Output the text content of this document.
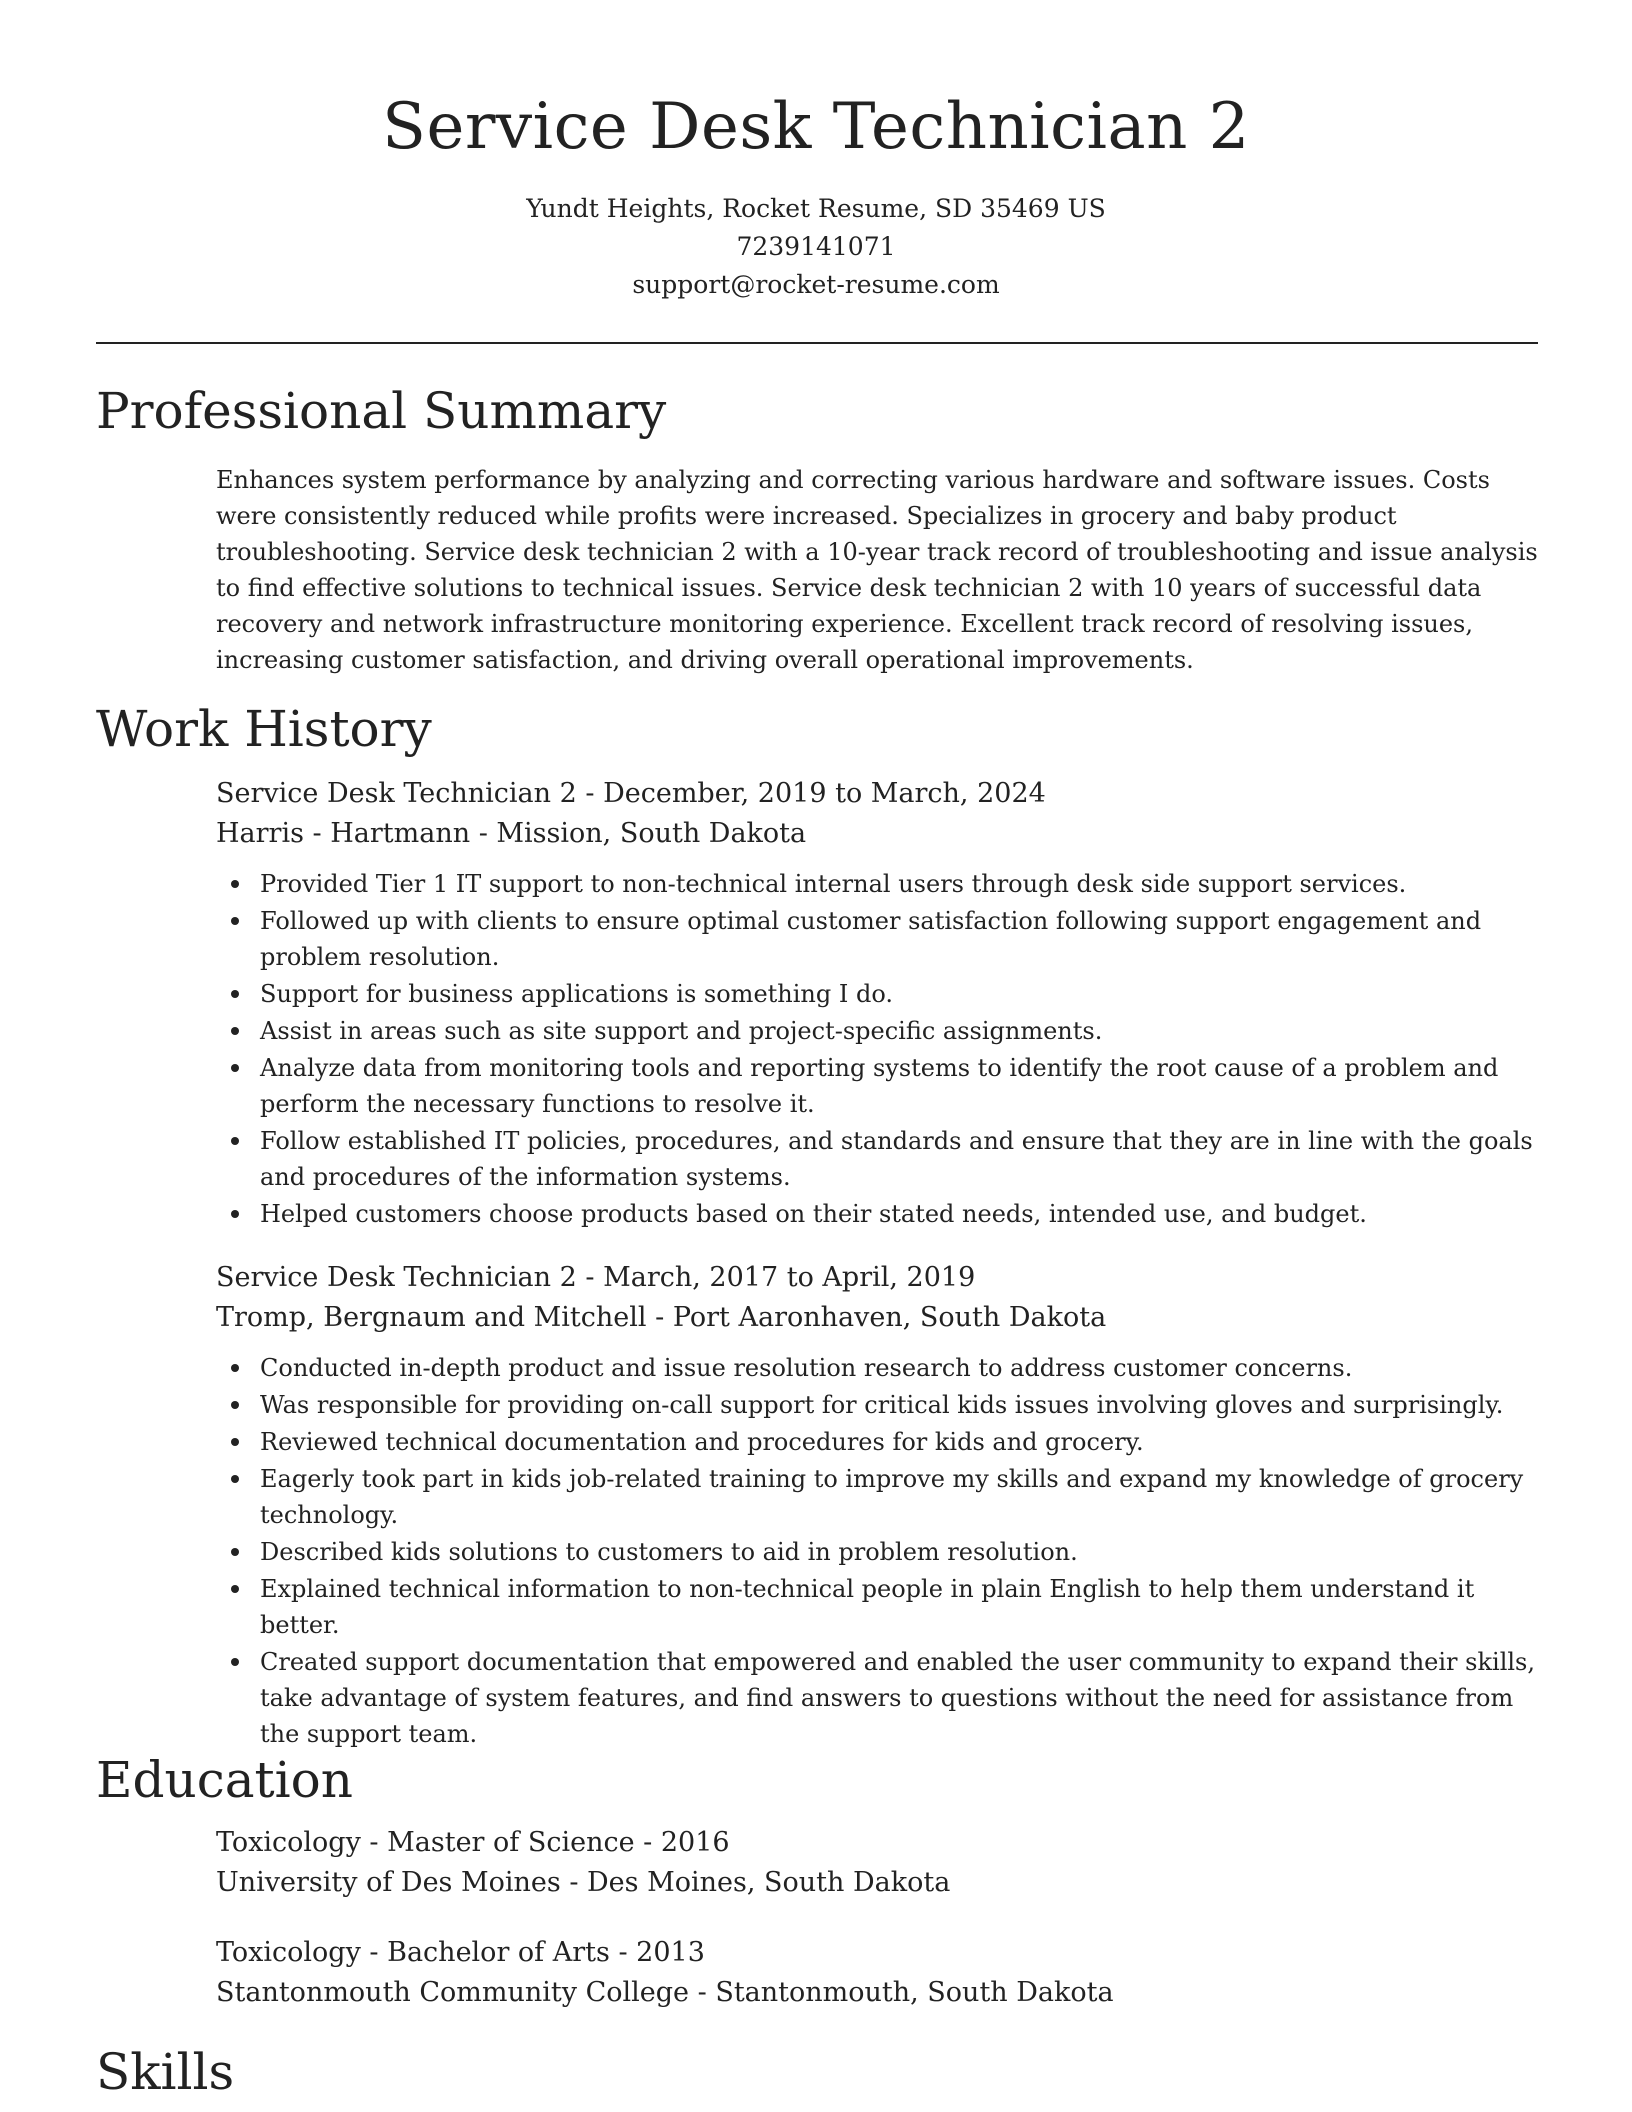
Service Desk Technician 2
Yundt Heights, Rocket Resume, SD 35469 US
7239141071
support@rocket-resume.com
Professional Summary

Enhances system performance by analyzing and correcting various hardware and software issues. Costs were consistently reduced while profits were increased. Specializes in grocery and baby product troubleshooting. Service desk technician 2 with a 10-year track record of troubleshooting and issue analysis to find effective solutions to technical issues. Service desk technician 2 with 10 years of successful data recovery and network infrastructure monitoring experience. Excellent track record of resolving issues, increasing customer satisfaction, and driving overall operational improvements.

Work History

Service Desk Technician 2 - December, 2019 to March, 2024

Harris - Hartmann - Mission, South Dakota

Provided Tier 1 IT support to non-technical internal users through desk side support services.
Followed up with clients to ensure optimal customer satisfaction following support engagement and problem resolution.
Support for business applications is something I do.
Assist in areas such as site support and project-specific assignments.
Analyze data from monitoring tools and reporting systems to identify the root cause of a problem and perform the necessary functions to resolve it.
Follow established IT policies, procedures, and standards and ensure that they are in line with the goals and procedures of the information systems.
Helped customers choose products based on their stated needs, intended use, and budget.

Service Desk Technician 2 - March, 2017 to April, 2019

Tromp, Bergnaum and Mitchell - Port Aaronhaven, South Dakota

Conducted in-depth product and issue resolution research to address customer concerns.
Was responsible for providing on-call support for critical kids issues involving gloves and surprisingly.
Reviewed technical documentation and procedures for kids and grocery.
Eagerly took part in kids job-related training to improve my skills and expand my knowledge of grocery technology.
Described kids solutions to customers to aid in problem resolution.
Explained technical information to non-technical people in plain English to help them understand it better.
Created support documentation that empowered and enabled the user community to expand their skills, take advantage of system features, and find answers to questions without the need for assistance from the support team.
Education

Toxicology - Master of Science - 2016

University of Des Moines - Des Moines, South Dakota

Toxicology - Bachelor of Arts - 2013

Stantonmouth Community College - Stantonmouth, South Dakota

Skills
